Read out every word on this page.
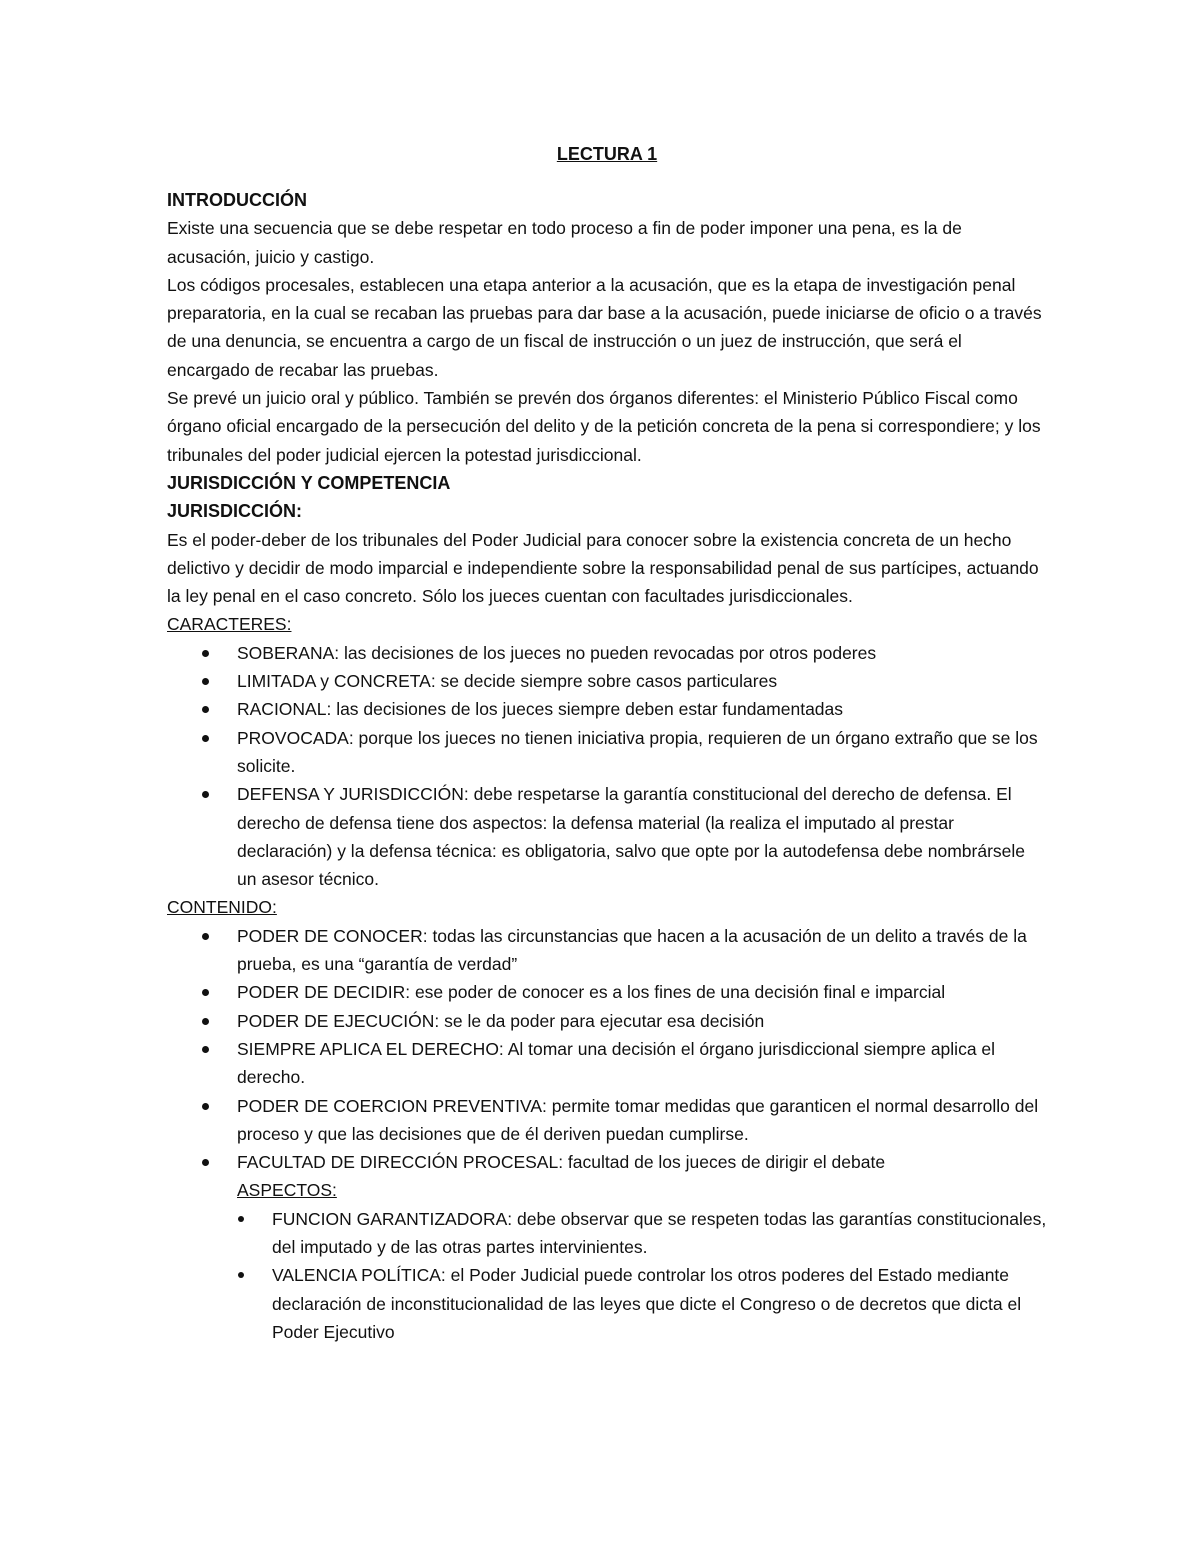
LECTURA 1
INTRODUCCIÓN

Existe una secuencia que se debe respetar en todo proceso a fin de poder imponer una pena, es la de acusación, juicio y castigo.

Los códigos procesales, establecen una etapa anterior a la acusación, que es la etapa de investigación penal preparatoria, en la cual se recaban las pruebas para dar base a la acusación, puede iniciarse de oficio o a través de una denuncia, se encuentra a cargo de un fiscal de instrucción o un juez de instrucción, que será el encargado de recabar las pruebas.

Se prevé un juicio oral y público. También se prevén dos órganos diferentes: el Ministerio Público Fiscal como órgano oficial encargado de la persecución del delito y de la petición concreta de la pena si correspondiere; y los tribunales del poder judicial ejercen la potestad jurisdiccional.

JURISDICCIÓN Y COMPETENCIA
JURISDICCIÓN:

Es el poder-deber de los tribunales del Poder Judicial para conocer sobre la existencia concreta de un hecho delictivo y decidir de modo imparcial e independiente sobre la responsabilidad penal de sus partícipes, actuando la ley penal en el caso concreto. Sólo los jueces cuentan con facultades jurisdiccionales.

CARACTERES:
SOBERANA: las decisiones de los jueces no pueden revocadas por otros poderes
LIMITADA y CONCRETA: se decide siempre sobre casos particulares
RACIONAL: las decisiones de los jueces siempre deben estar fundamentadas
PROVOCADA: porque los jueces no tienen iniciativa propia, requieren de un órgano extraño que se los solicite.
DEFENSA Y JURISDICCIÓN: debe respetarse la garantía constitucional del derecho de defensa. El derecho de defensa tiene dos aspectos: la defensa material (la realiza el imputado al prestar declaración) y la defensa técnica: es obligatoria, salvo que opte por la autodefensa debe nombrársele un asesor técnico.
CONTENIDO:
PODER DE CONOCER: todas las circunstancias que hacen a la acusación de un delito a través de la prueba, es una “garantía de verdad”
PODER DE DECIDIR: ese poder de conocer es a los fines de una decisión final e imparcial
PODER DE EJECUCIÓN: se le da poder para ejecutar esa decisión
SIEMPRE APLICA EL DERECHO: Al tomar una decisión el órgano jurisdiccional siempre aplica el derecho.
PODER DE COERCION PREVENTIVA: permite tomar medidas que garanticen el normal desarrollo del proceso y que las decisiones que de él deriven puedan cumplirse.
FACULTAD DE DIRECCIÓN PROCESAL: facultad de los jueces de dirigir el debate
ASPECTOS:
FUNCION GARANTIZADORA: debe observar que se respeten todas las garantías constitucionales, del imputado y de las otras partes intervinientes.
VALENCIA POLÍTICA: el Poder Judicial puede controlar los otros poderes del Estado mediante declaración de inconstitucionalidad de las leyes que dicte el Congreso o de decretos que dicta el Poder Ejecutivo
